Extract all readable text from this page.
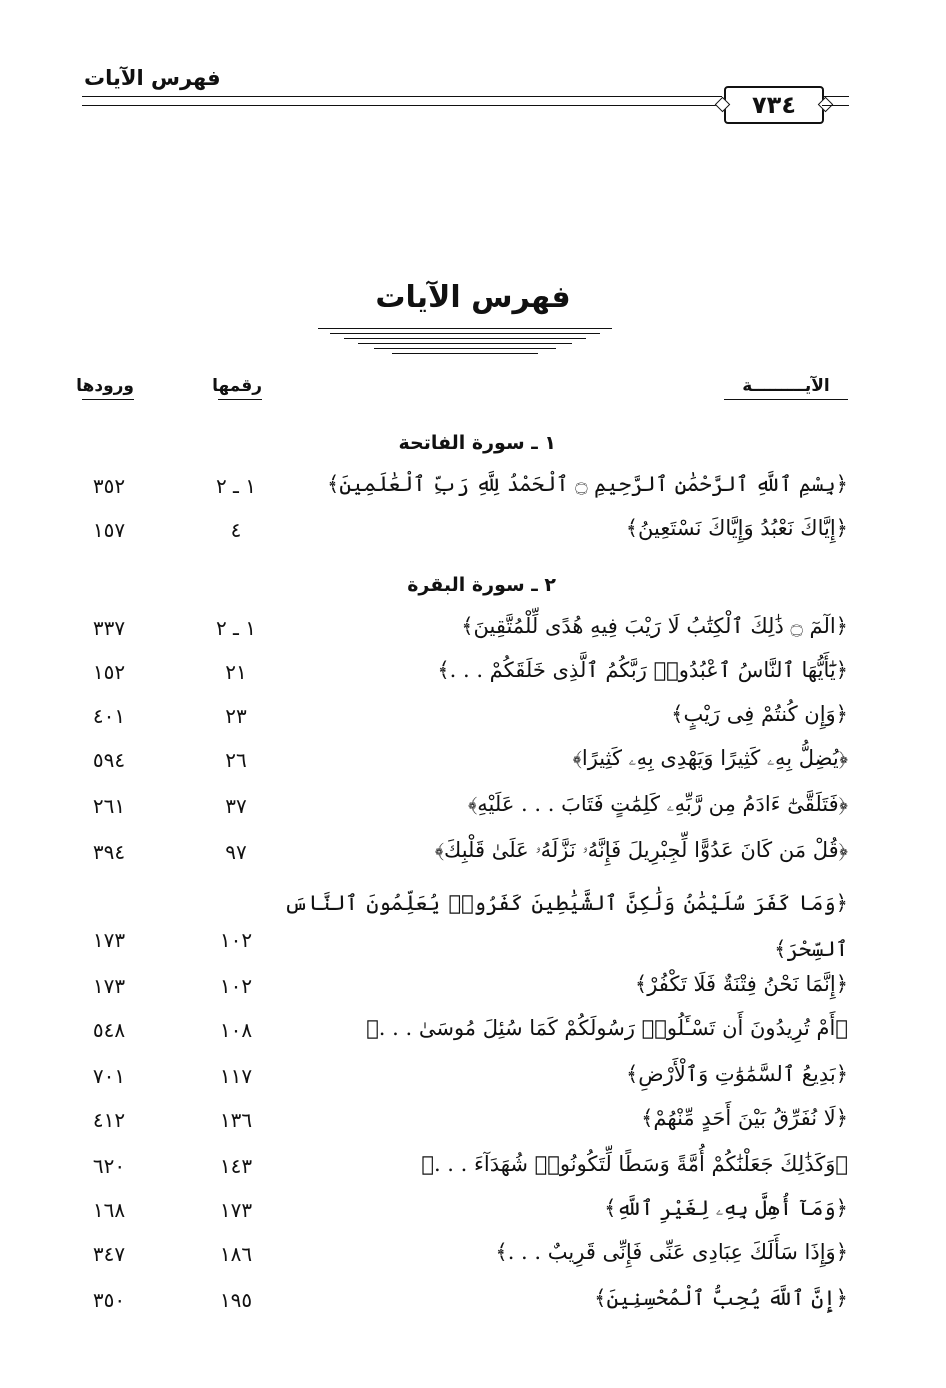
فهرس الآيات
٧٣٤
فهرس الآيات
الآيـــــــــة
رقمها
ورودها
١ ـ سورة الفاتحة
﴿بِسْمِ ٱللَّهِ ٱلرَّحْمَٰنِ ٱلرَّحِيمِ ۝ ٱلْحَمْدُ لِلَّهِ رَبِّ ٱلْعَٰلَمِينَ﴾
١ ـ ٢
٣٥٢
﴿إِيَّاكَ نَعْبُدُ وَإِيَّاكَ نَسْتَعِينُ﴾
٤
١٥٧
٢ ـ سورة البقرة
﴿الٓمٓ ۝ ذَٰلِكَ ٱلْكِتَٰبُ لَا رَيْبَ فِيهِ هُدًى لِّلْمُتَّقِينَ﴾
١ ـ ٢
٣٣٧
﴿يَٰٓأَيُّهَا ٱلنَّاسُ ٱعْبُدُوا۟ رَبَّكُمُ ٱلَّذِى خَلَقَكُمْ . . .﴾
٢١
١٥٢
﴿وَإِن كُنتُمْ فِى رَيْبٍ﴾
٢٣
٤٠١
﴿يُضِلُّ بِهِۦ كَثِيرًا وَيَهْدِى بِهِۦ كَثِيرًا﴾
٢٦
٥٩٤
﴿فَتَلَقَّىٰٓ ءَادَمُ مِن رَّبِّهِۦ كَلِمَٰتٍ فَتَابَ . . . عَلَيْهِ﴾
٣٧
٢٦١
﴿قُلْ مَن كَانَ عَدُوًّا لِّجِبْرِيلَ فَإِنَّهُۥ نَزَّلَهُۥ عَلَىٰ قَلْبِكَ﴾
٩٧
٣٩٤
﴿وَمَا كَفَرَ سُلَيْمَٰنُ وَلَٰكِنَّ ٱلشَّيَٰطِينَ كَفَرُوا۟ يُعَلِّمُونَ ٱلنَّاسَ ٱلسِّحْرَ﴾
١٠٢
١٧٣
﴿إِنَّمَا نَحْنُ فِتْنَةٌ فَلَا تَكْفُرْ﴾
١٠٢
١٧٣
﴿أَمْ تُرِيدُونَ أَن تَسْـَٔلُوا۟ رَسُولَكُمْ كَمَا سُئِلَ مُوسَىٰ . . .﴾
١٠٨
٥٤٨
﴿بَدِيعُ ٱلسَّمَٰوَٰتِ وَٱلْأَرْضِ﴾
١١٧
٧٠١
﴿لَا نُفَرِّقُ بَيْنَ أَحَدٍ مِّنْهُمْ﴾
١٣٦
٤١٢
﴿وَكَذَٰلِكَ جَعَلْنَٰكُمْ أُمَّةً وَسَطًا لِّتَكُونُوا۟ شُهَدَآءَ . . .﴾
١٤٣
٦٢٠
﴿وَمَآ أُهِلَّ بِهِۦ لِغَيْرِ ٱللَّهِ﴾
١٧٣
١٦٨
﴿وَإِذَا سَأَلَكَ عِبَادِى عَنِّى فَإِنِّى قَرِيبٌ . . .﴾
١٨٦
٣٤٧
﴿إِنَّ ٱللَّهَ يُحِبُّ ٱلْمُحْسِنِينَ﴾
١٩٥
٣٥٠
